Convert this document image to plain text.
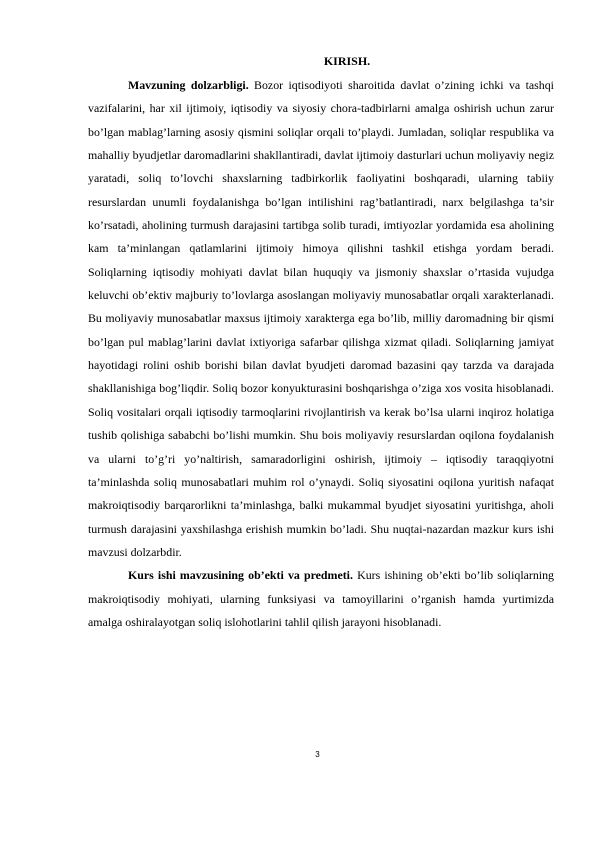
KIRISH.

Mavzuning dolzarbligi. Bozor iqtisodiyoti sharoitida davlat o’zining ichki va tashqi vazifalarini, har xil ijtimoiy, iqtisodiy va siyosiy chora-tadbirlarni amalga oshirish uchun zarur bo’lgan mablag’larning asosiy qismini soliqlar orqali to’playdi. Jumladan, soliqlar respublika va mahalliy byudjetlar daromadlarini shakllantiradi, davlat ijtimoiy dasturlari uchun moliyaviy negiz yaratadi, soliq to’lovchi shaxslarning tadbirkorlik faoliyatini boshqaradi, ularning tabiiy resurslardan unumli foydalanishga bo’lgan intilishini rag’batlantiradi, narx belgilashga ta’sir ko’rsatadi, aholining turmush darajasini tartibga solib turadi, imtiyozlar yordamida esa aholining kam ta’minlangan qatlamlarini ijtimoiy himoya qilishni tashkil etishga yordam beradi. Soliqlarning iqtisodiy mohiyati davlat bilan huquqiy va jismoniy shaxslar o’rtasida vujudga keluvchi ob’ektiv majburiy to’lovlarga asoslangan moliyaviy munosabatlar orqali xarakterlanadi. Bu moliyaviy munosabatlar maxsus ijtimoiy xarakterga ega bo’lib, milliy daromadning bir qismi bo’lgan pul mablag’larini davlat ixtiyoriga safarbar qilishga xizmat qiladi. Soliqlarning jamiyat hayotidagi rolini oshib borishi bilan davlat byudjeti daromad bazasini qay tarzda va darajada shakllanishiga bog’liqdir. Soliq bozor konyukturasini boshqarishga o’ziga xos vosita hisoblanadi. Soliq vositalari orqali iqtisodiy tarmoqlarini rivojlantirish va kerak bo’lsa ularni inqiroz holatiga tushib qolishiga sababchi bo’lishi mumkin. Shu bois moliyaviy resurslardan oqilona foydalanish va ularni to’g’ri yo’naltirish, samaradorligini oshirish, ijtimoiy – iqtisodiy taraqqiyotni ta’minlashda soliq munosabatlari muhim rol o’ynaydi. Soliq siyosatini oqilona yuritish nafaqat makroiqtisodiy barqarorlikni ta’minlashga, balki mukammal byudjet siyosatini yuritishga, aholi turmush darajasini yaxshilashga erishish mumkin bo’ladi. Shu nuqtai-nazardan mazkur kurs ishi mavzusi dolzarbdir.

Kurs ishi mavzusining ob’ekti va predmeti. Kurs ishining ob’ekti bo’lib soliqlarning makroiqtisodiy mohiyati, ularning funksiyasi va tamoyillarini o’rganish hamda yurtimizda amalga oshiralayotgan soliq islohotlarini tahlil qilish jarayoni hisoblanadi.

3
